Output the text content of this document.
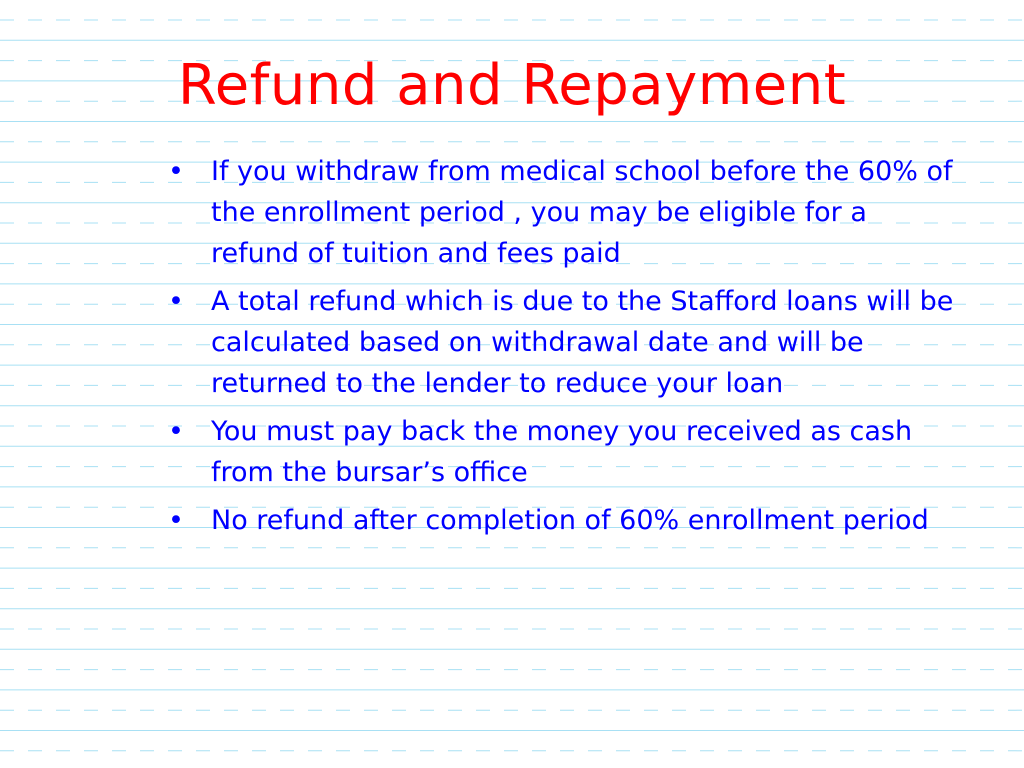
Refund and Repayment
• If you withdraw from medical school before the 60% of the enrollment period , you may be eligible for a refund of tuition and fees paid
• A total refund which is due to the Stafford loans will be calculated based on withdrawal date and will be returned to the lender to reduce your loan
• You must pay back the money you received as cash from the bursar’s office
• No refund after completion of 60% enrollment period
